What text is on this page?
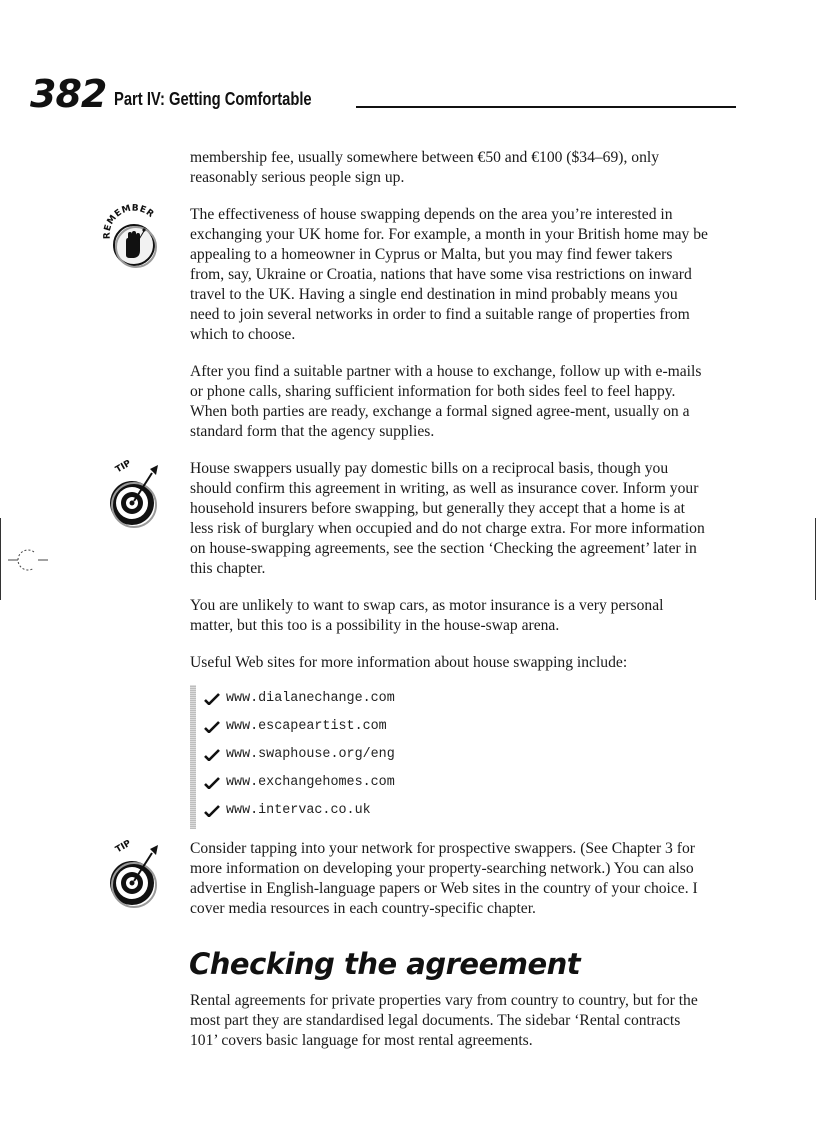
382 Part IV: Getting Comfortable

membership fee, usually somewhere between €50 and €100 ($34–69), only reasonably serious people sign up.

REMEMBER The effectiveness of house swapping depends on the area you’re interested in exchanging your UK home for. For example, a month in your British home may be appealing to a homeowner in Cyprus or Malta, but you may find fewer takers from, say, Ukraine or Croatia, nations that have some visa restrictions on inward travel to the UK. Having a single end destination in mind probably means you need to join several networks in order to find a suitable range of properties from which to choose.

After you find a suitable partner with a house to exchange, follow up with e-mails or phone calls, sharing sufficient information for both sides feel to feel happy. When both parties are ready, exchange a formal signed agree-ment, usually on a standard form that the agency supplies.

TIP	House swappers usually pay domestic bills on a reciprocal basis, though you should confirm this agreement in writing, as well as insurance cover. Inform your household insurers before swapping, but generally they accept that a home is at less risk of burglary when occupied and do not charge extra. For more information on house-swapping agreements, see the section ‘Checking the agreement’ later in this chapter.

You are unlikely to want to swap cars, as motor insurance is a very personal matter, but this too is a possibility in the house-swap arena.

Useful Web sites for more information about house swapping include:

www.dialanechange.com
www.escapeartist.com
www.swaphouse.org/eng
www.exchangehomes.com
www.intervac.co.uk
TIP	Consider tapping into your network for prospective swappers. (See Chapter 3 for more information on developing your property-searching network.) You can also advertise in English-language papers or Web sites in the country of your choice. I cover media resources in each country-specific chapter.

Checking the agreement

Rental agreements for private properties vary from country to country, but for the most part they are standardised legal documents. The sidebar ‘Rental contracts 101’ covers basic language for most rental agreements.
